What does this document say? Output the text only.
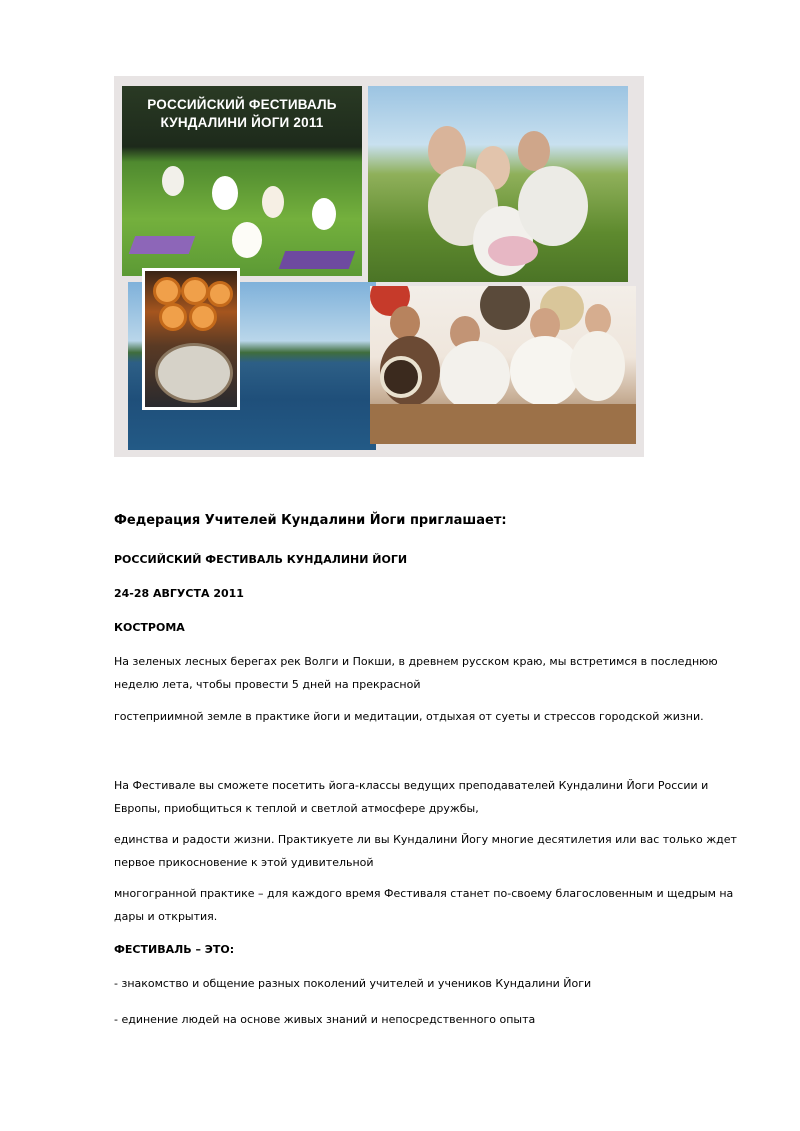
РОССИЙСКИЙ ФЕСТИВАЛЬ
КУНДАЛИНИ ЙОГИ 2011
Федерация Учителей Кундалини Йоги приглашает:
РОССИЙСКИЙ ФЕСТИВАЛЬ КУНДАЛИНИ ЙОГИ
24-28 АВГУСТА 2011
КОСТРОМА
На зеленых лесных берегах рек Волги и Покши, в древнем русском краю, мы встретимся в последнюю неделю лета, чтобы провести 5 дней на прекрасной
гостеприимной земле в практике йоги и медитации, отдыхая от суеты и стрессов городской жизни.
На Фестивале вы сможете посетить йога-классы ведущих преподавателей Кундалини Йоги России и Европы, приобщиться к теплой и светлой атмосфере дружбы,
единства и радости жизни. Практикуете ли вы Кундалини Йогу многие десятилетия или вас только ждет первое прикосновение к этой удивительной
многогранной практике – для каждого время Фестиваля станет по-своему благословенным и щедрым на дары и открытия.
ФЕСТИВАЛЬ – ЭТО:
- знакомство и общение разных поколений учителей и учеников Кундалини Йоги
- единение людей на основе живых знаний и непосредственного опыта
